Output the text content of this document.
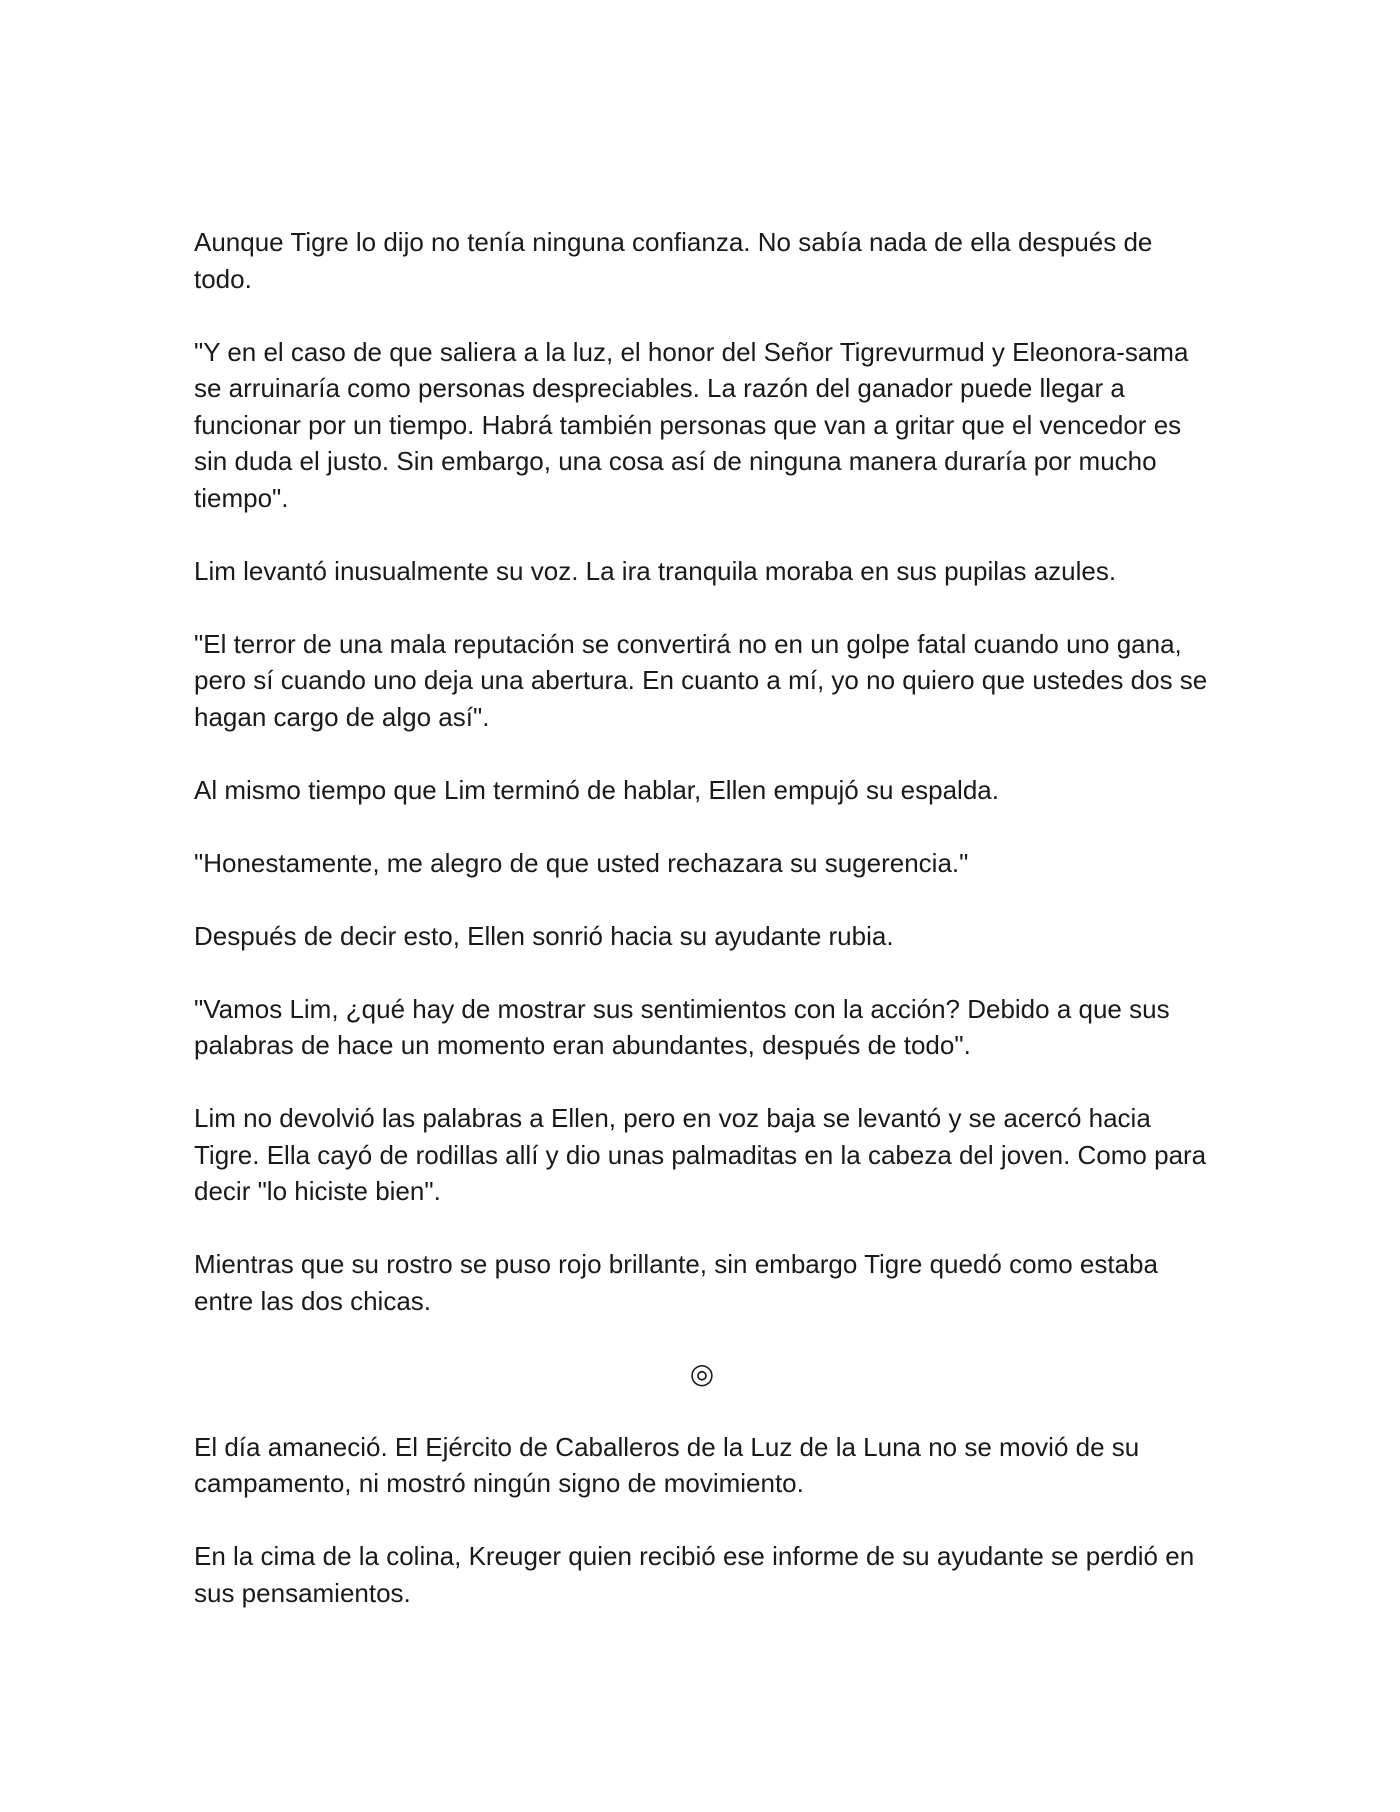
Aunque Tigre lo dijo no tenía ninguna confianza. No sabía nada de ella después de todo.

"Y en el caso de que saliera a la luz, el honor del Señor Tigrevurmud y Eleonora-sama se arruinaría como personas despreciables. La razón del ganador puede llegar a funcionar por un tiempo. Habrá también personas que van a gritar que el vencedor es sin duda el justo. Sin embargo, una cosa así de ninguna manera duraría por mucho tiempo".

Lim levantó inusualmente su voz. La ira tranquila moraba en sus pupilas azules.

"El terror de una mala reputación se convertirá no en un golpe fatal cuando uno gana, pero sí cuando uno deja una abertura. En cuanto a mí, yo no quiero que ustedes dos se hagan cargo de algo así".

Al mismo tiempo que Lim terminó de hablar, Ellen empujó su espalda.

"Honestamente, me alegro de que usted rechazara su sugerencia."

Después de decir esto, Ellen sonrió hacia su ayudante rubia.

"Vamos Lim, ¿qué hay de mostrar sus sentimientos con la acción? Debido a que sus palabras de hace un momento eran abundantes, después de todo".

Lim no devolvió las palabras a Ellen, pero en voz baja se levantó y se acercó hacia Tigre. Ella cayó de rodillas allí y dio unas palmaditas en la cabeza del joven. Como para decir "lo hiciste bien".

Mientras que su rostro se puso rojo brillante, sin embargo Tigre quedó como estaba entre las dos chicas.

◎

El día amaneció. El Ejército de Caballeros de la Luz de la Luna no se movió de su campamento, ni mostró ningún signo de movimiento.

En la cima de la colina, Kreuger quien recibió ese informe de su ayudante se perdió en sus pensamientos.
